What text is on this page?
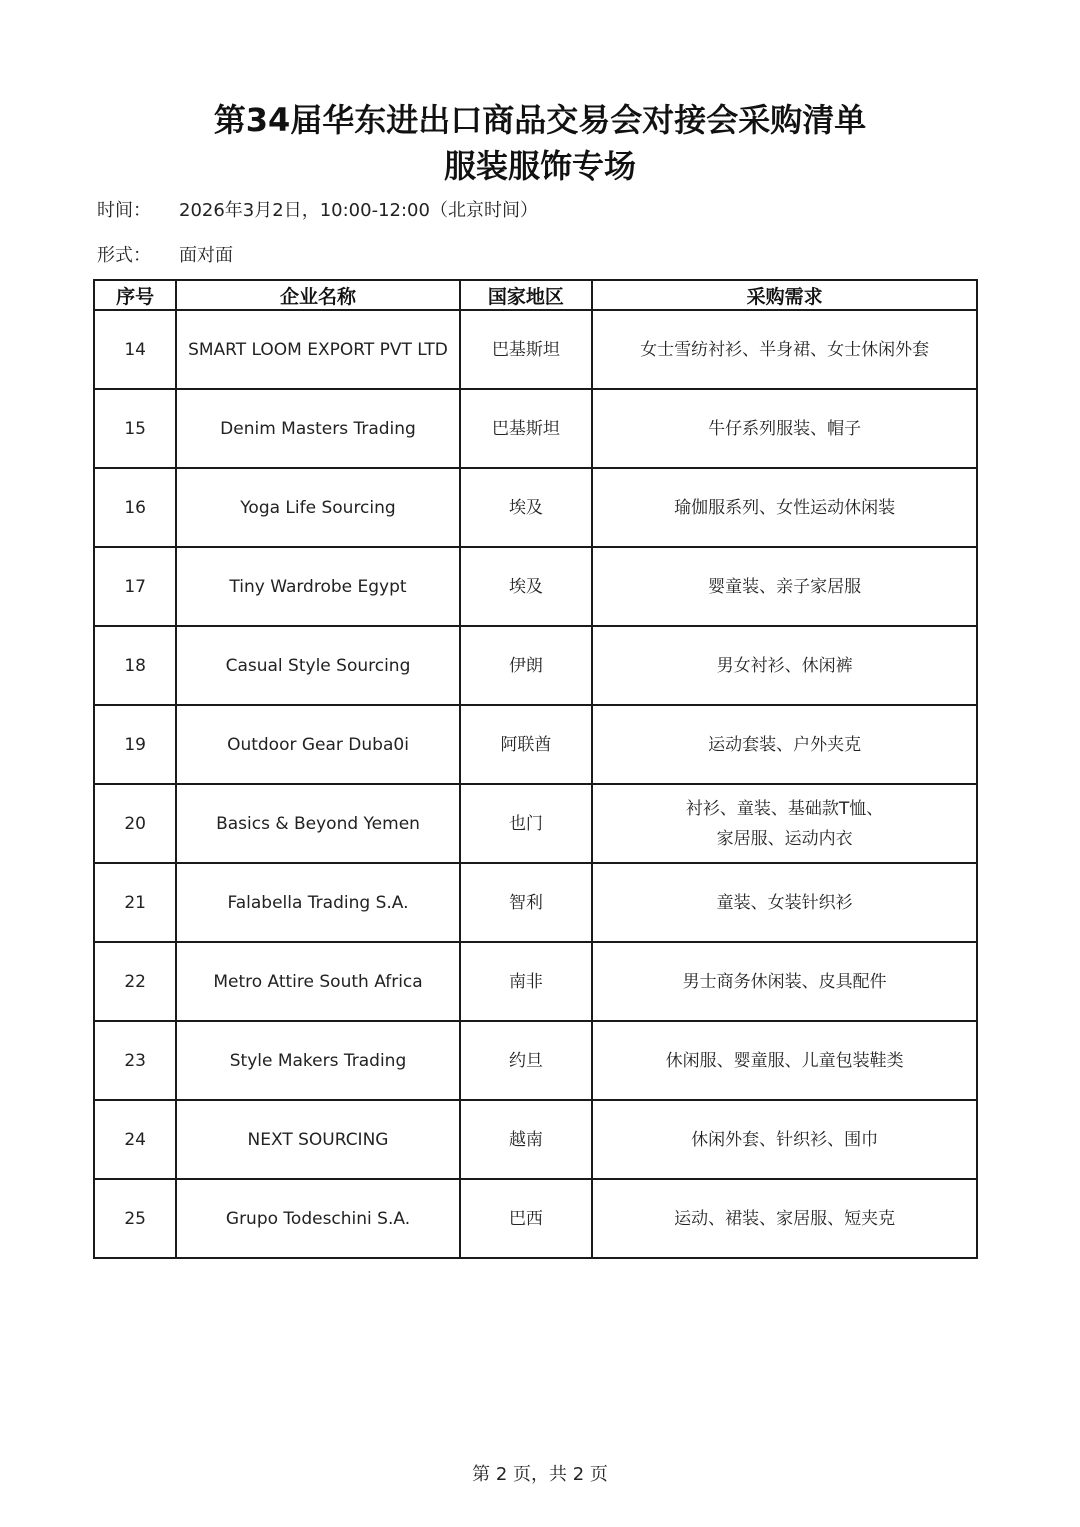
第34届华东进出口商品交易会对接会采购清单
服装服饰专场
时间： 2026年3月2日，10:00-12:00（北京时间）
形式： 面对面
序号	企业名称	国家地区	采购需求
14	SMART LOOM EXPORT PVT LTD	巴基斯坦	女士雪纺衬衫、半身裙、女士休闲外套
15	Denim Masters Trading	巴基斯坦	牛仔系列服装、帽子
16	Yoga Life Sourcing	埃及	瑜伽服系列、女性运动休闲装
17	Tiny Wardrobe Egypt	埃及	婴童装、亲子家居服
18	Casual Style Sourcing	伊朗	男女衬衫、休闲裤
19	Outdoor Gear Duba0i	阿联酋	运动套装、户外夹克
20	Basics & Beyond Yemen	也门	衬衫、童装、基础款T恤、
家居服、运动内衣

21	Falabella Trading S.A.	智利	童装、女装针织衫
22	Metro Attire South Africa	南非	男士商务休闲装、皮具配件
23	Style Makers Trading	约旦	休闲服、婴童服、儿童包装鞋类
24	NEXT SOURCING	越南	休闲外套、针织衫、围巾
25	Grupo Todeschini S.A.	巴西	运动、裙装、家居服、短夹克
第 2 页，共 2 页
